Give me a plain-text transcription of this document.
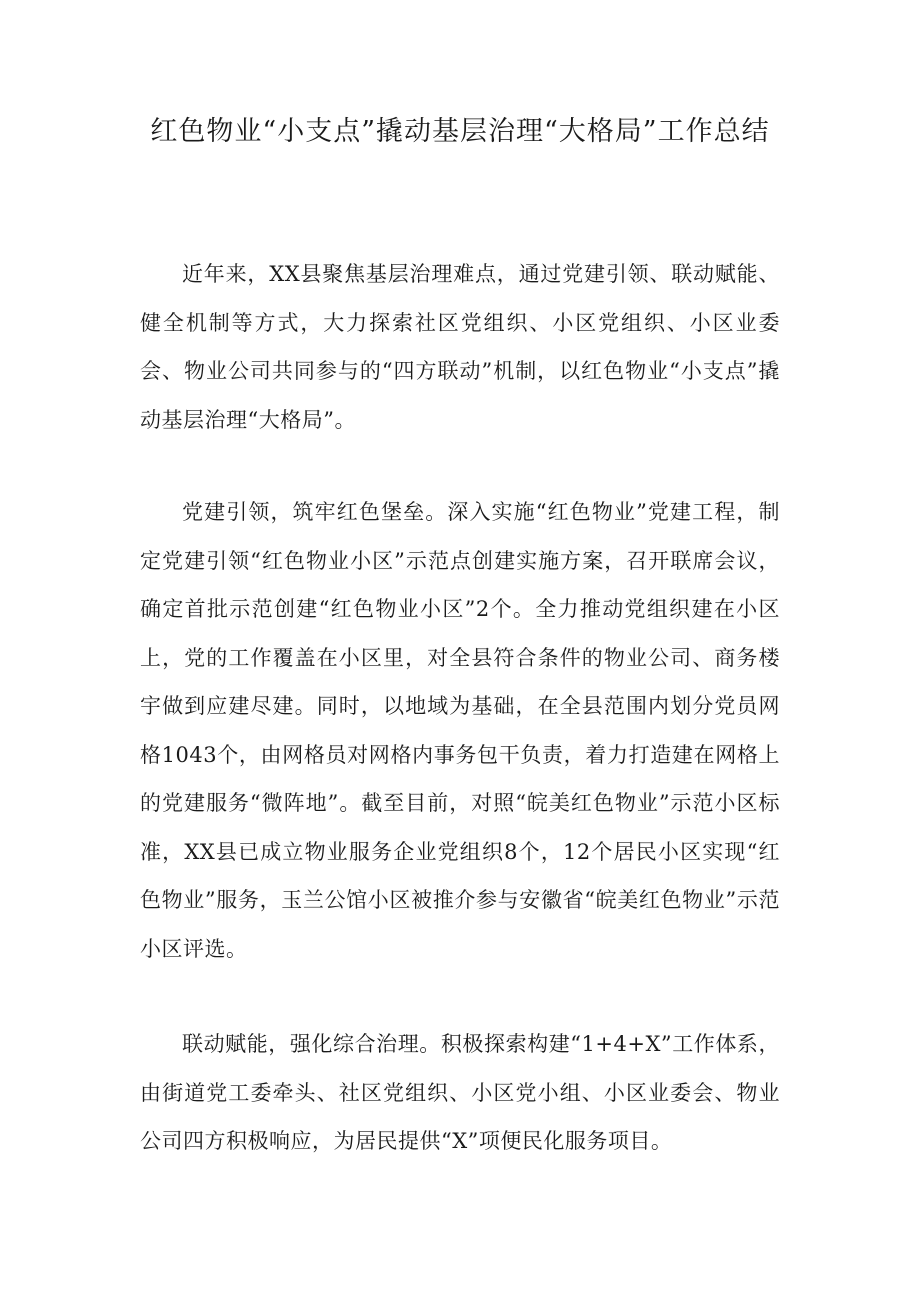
红色物业“小支点”撬动基层治理“大格局”工作总结

近年来，XX县聚焦基层治理难点，通过党建引领、联动赋能、健全机制等方式，大力探索社区党组织、小区党组织、小区业委会、物业公司共同参与的“四方联动”机制，以红色物业“小支点”撬动基层治理“大格局”。

党建引领，筑牢红色堡垒。深入实施“红色物业”党建工程，制定党建引领“红色物业小区”示范点创建实施方案，召开联席会议，确定首批示范创建“红色物业小区”2个。全力推动党组织建在小区上，党的工作覆盖在小区里，对全县符合条件的物业公司、商务楼宇做到应建尽建。同时，以地域为基础，在全县范围内划分党员网格1043个，由网格员对网格内事务包干负责，着力打造建在网格上的党建服务“微阵地”。截至目前，对照“皖美红色物业”示范小区标准，XX县已成立物业服务企业党组织8个，12个居民小区实现“红色物业”服务，玉兰公馆小区被推介参与安徽省“皖美红色物业”示范小区评选。

联动赋能，强化综合治理。积极探索构建“1+4+X”工作体系，由街道党工委牵头、社区党组织、小区党小组、小区业委会、物业公司四方积极响应，为居民提供“X”项便民化服务项目。
